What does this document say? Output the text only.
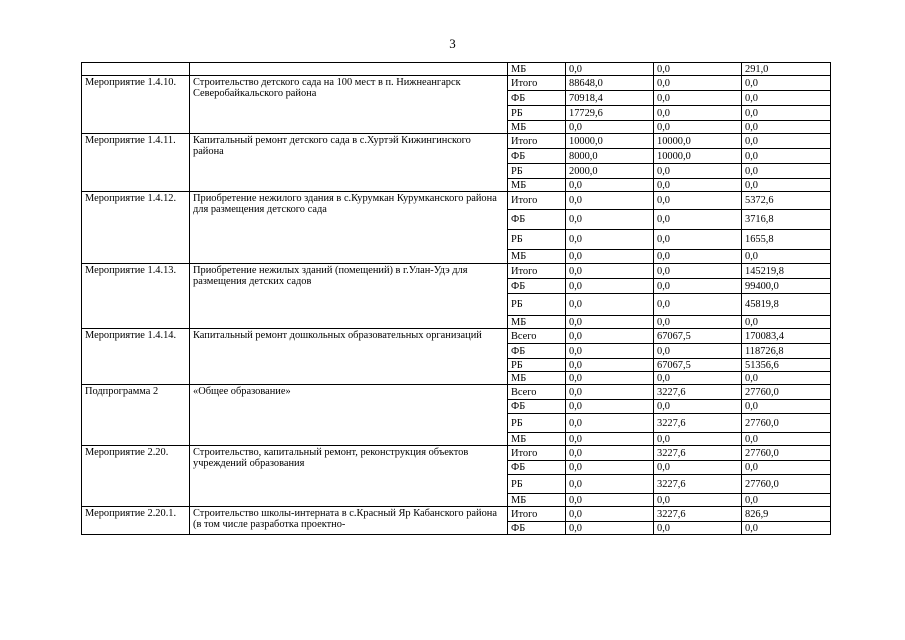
3
		МБ	0,0	0,0	291,0
Мероприятие 1.4.10.	Строительство детского сада на 100 мест в п. Нижнеангарск Северобайкальского района	Итого	88648,0	0,0	0,0
		ФБ	70918,4	0,0	0,0
		РБ	17729,6	0,0	0,0
		МБ	0,0	0,0	0,0
Мероприятие 1.4.11.	Капитальный ремонт детского сада в с.Хуртэй Кижингинского района	Итого	10000,0	10000,0	0,0
		ФБ	8000,0	10000,0	0,0
		РБ	2000,0	0,0	0,0
		МБ	0,0	0,0	0,0
Мероприятие 1.4.12.	Приобретение нежилого здания в с.Курумкан Курумканского района для размещения детского сада	Итого	0,0	0,0	5372,6
		ФБ	0,0	0,0	3716,8
		РБ	0,0	0,0	1655,8
		МБ	0,0	0,0	0,0
Мероприятие 1.4.13.	Приобретение нежилых зданий (помещений) в г.Улан-Удэ для размещения детских садов	Итого	0,0	0,0	145219,8
		ФБ	0,0	0,0	99400,0
		РБ	0,0	0,0	45819,8
		МБ	0,0	0,0	0,0
Мероприятие 1.4.14.	Капитальный ремонт дошкольных образовательных организаций	Всего	0,0	67067,5	170083,4
		ФБ	0,0	0,0	118726,8
		РБ	0,0	67067,5	51356,6
		МБ	0,0	0,0	0,0
Подпрограмма 2	«Общее образование»	Всего	0,0	3227,6	27760,0
		ФБ	0,0	0,0	0,0
		РБ	0,0	3227,6	27760,0
		МБ	0,0	0,0	0,0
Мероприятие 2.20.	Строительство, капитальный ремонт, реконструкция объектов учреждений образования	Итого	0,0	3227,6	27760,0
		ФБ	0,0	0,0	0,0
		РБ	0,0	3227,6	27760,0
		МБ	0,0	0,0	0,0
Мероприятие 2.20.1.	Строительство школы-интерната в с.Красный Яр Кабанского района (в том числе разработка проектно-	Итого	0,0	3227,6	826,9
		ФБ	0,0	0,0	0,0
